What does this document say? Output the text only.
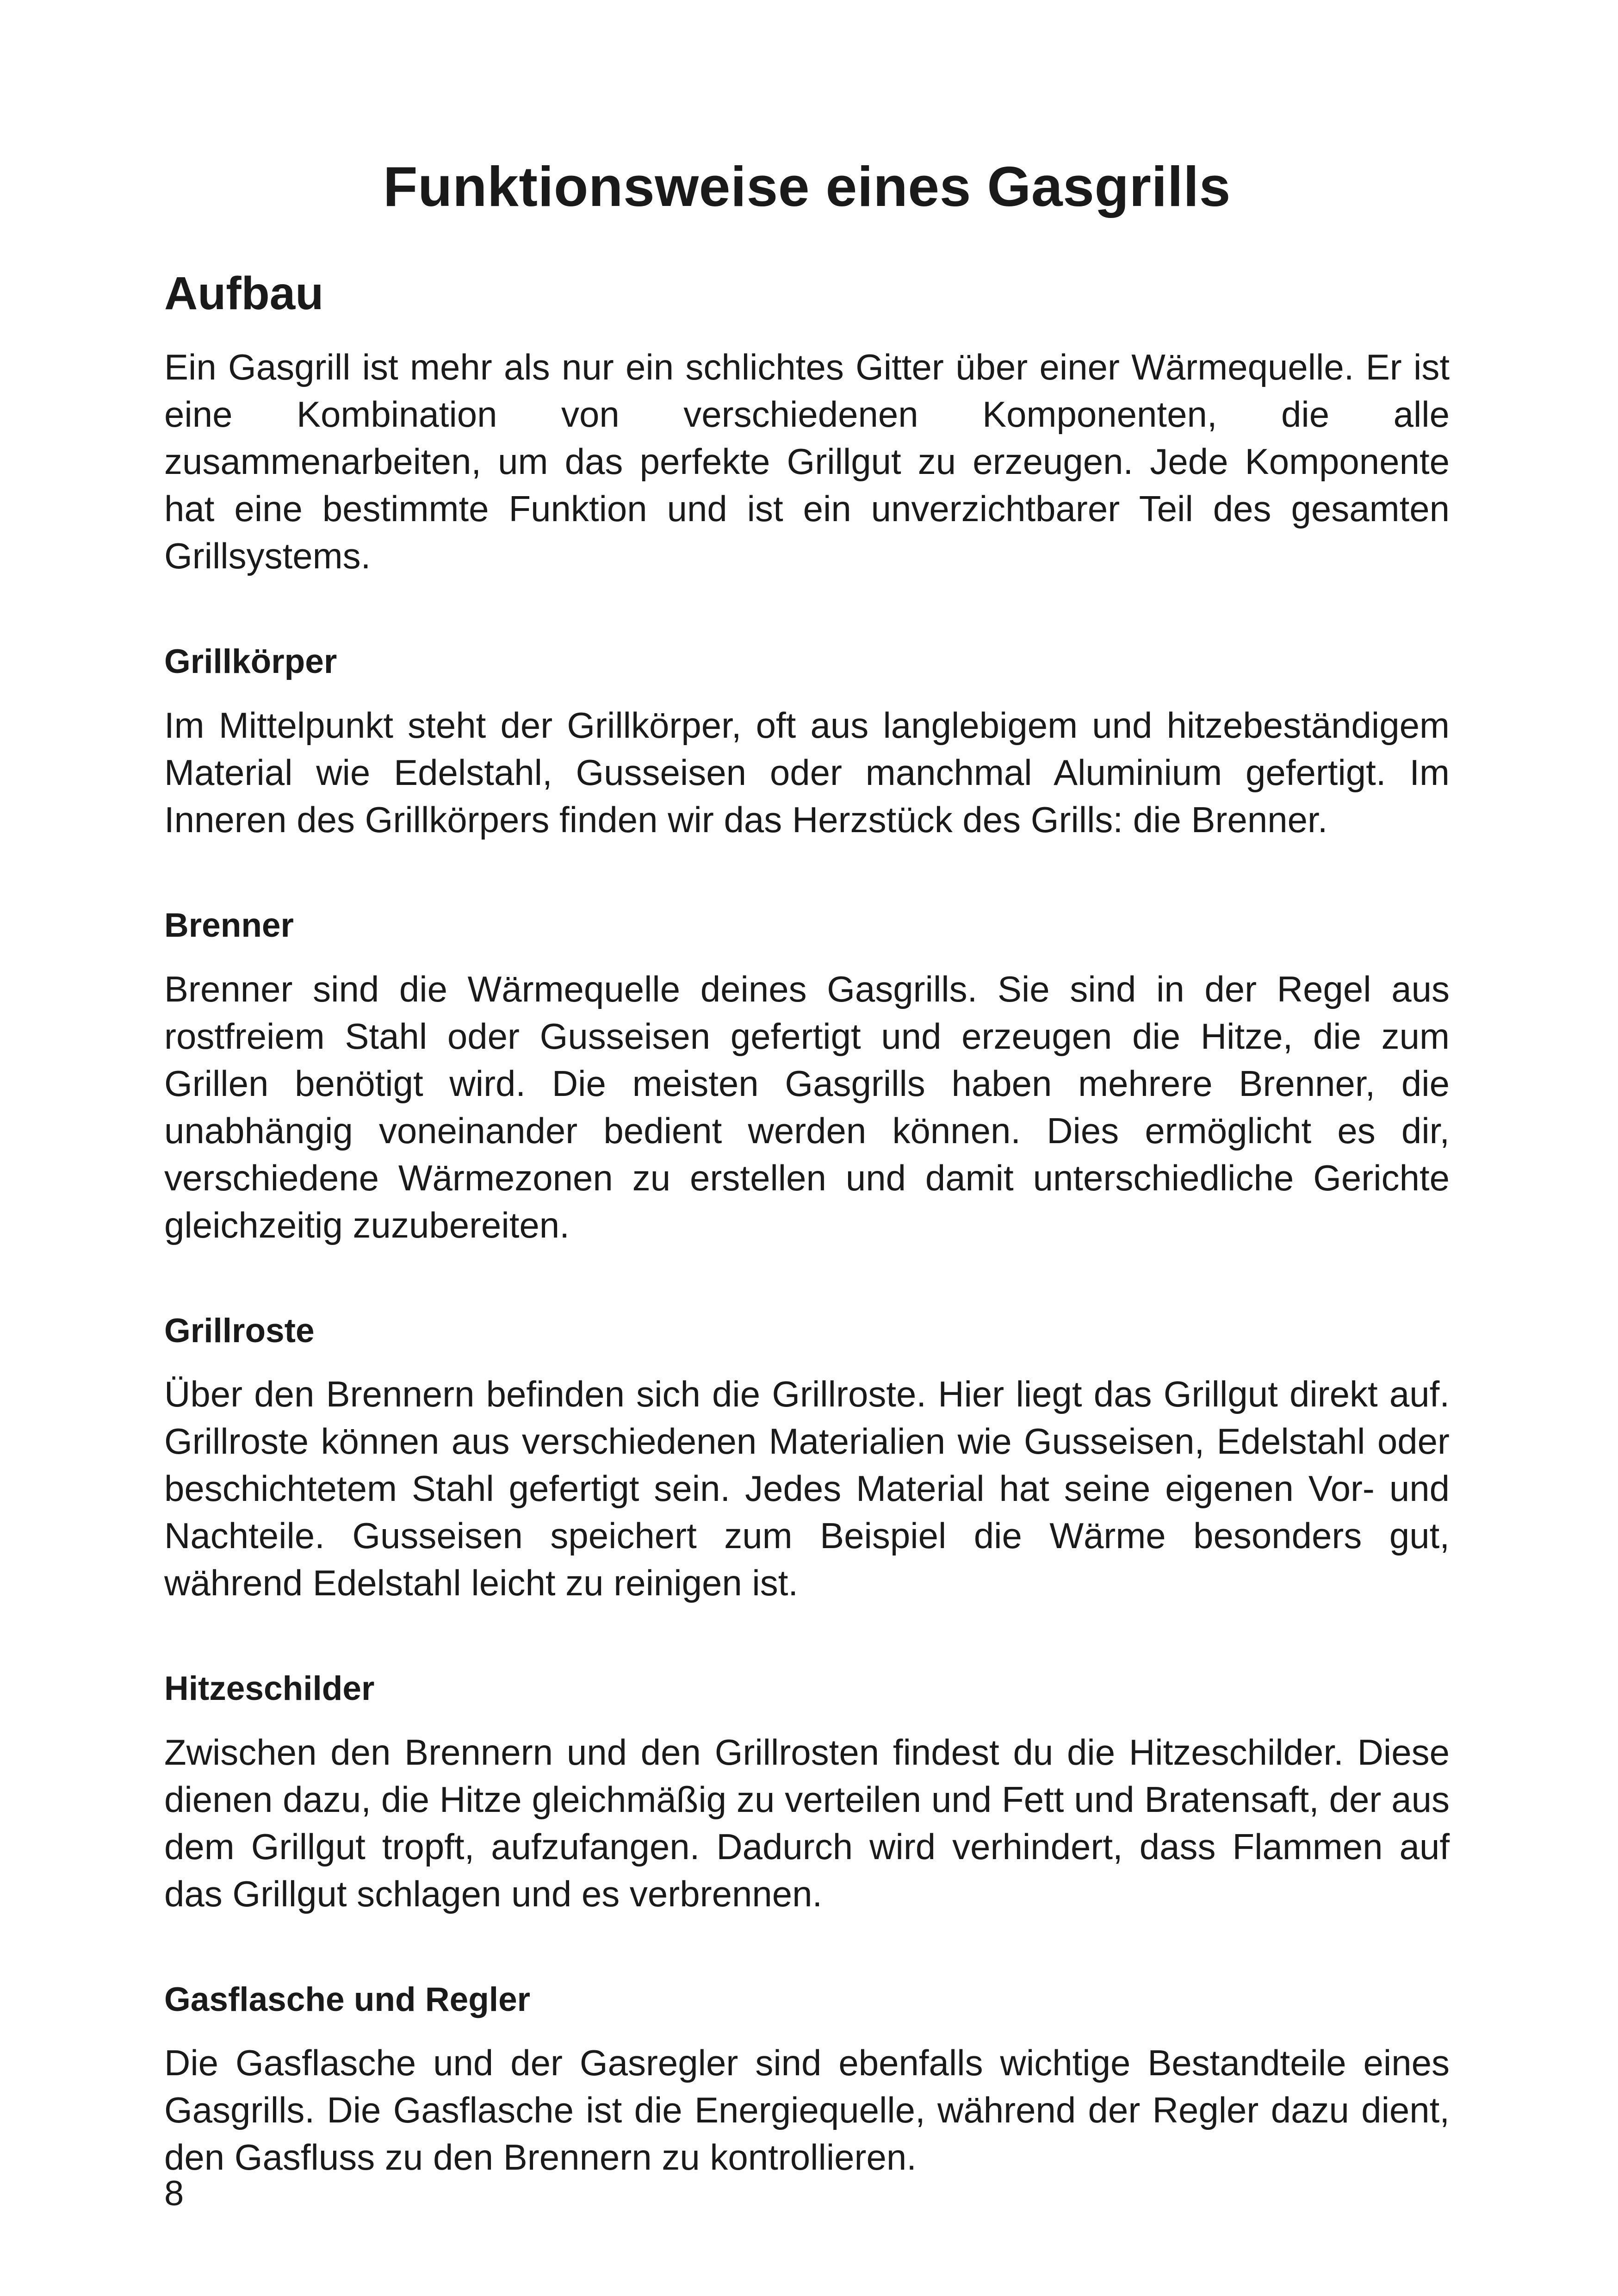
Funktionsweise eines Gasgrills
Aufbau

Ein Gasgrill ist mehr als nur ein schlichtes Gitter über einer Wärmequelle. Er ist eine Kombination von verschiedenen Komponenten, die alle zusammenarbeiten, um das perfekte Grillgut zu erzeugen. Jede Komponente hat eine bestimmte Funktion und ist ein unverzichtbarer Teil des gesamten Grillsystems.

Grillkörper

Im Mittelpunkt steht der Grillkörper, oft aus langlebigem und hitzebeständigem Material wie Edelstahl, Gusseisen oder manchmal Aluminium gefertigt. Im Inneren des Grillkörpers finden wir das Herzstück des Grills: die Brenner.

Brenner

Brenner sind die Wärmequelle deines Gasgrills. Sie sind in der Regel aus rostfreiem Stahl oder Gusseisen gefertigt und erzeugen die Hitze, die zum Grillen benötigt wird. Die meisten Gasgrills haben mehrere Brenner, die unabhängig voneinander bedient werden können. Dies ermöglicht es dir, verschiedene Wärmezonen zu erstellen und damit unterschiedliche Gerichte gleichzeitig zuzubereiten.

Grillroste

Über den Brennern befinden sich die Grillroste. Hier liegt das Grillgut direkt auf. Grillroste können aus verschiedenen Materialien wie Gusseisen, Edelstahl oder beschichtetem Stahl gefertigt sein. Jedes Material hat seine eigenen Vor- und Nachteile. Gusseisen speichert zum Beispiel die Wärme besonders gut, während Edelstahl leicht zu reinigen ist.

Hitzeschilder

Zwischen den Brennern und den Grillrosten findest du die Hitzeschilder. Diese dienen dazu, die Hitze gleichmäßig zu verteilen und Fett und Bratensaft, der aus dem Grillgut tropft, aufzufangen. Dadurch wird verhindert, dass Flammen auf das Grillgut schlagen und es verbrennen.

Gasflasche und Regler

Die Gasflasche und der Gasregler sind ebenfalls wichtige Bestandteile eines Gasgrills. Die Gasflasche ist die Energiequelle, während der Regler dazu dient, den Gasfluss zu den Brennern zu kontrollieren.

8
